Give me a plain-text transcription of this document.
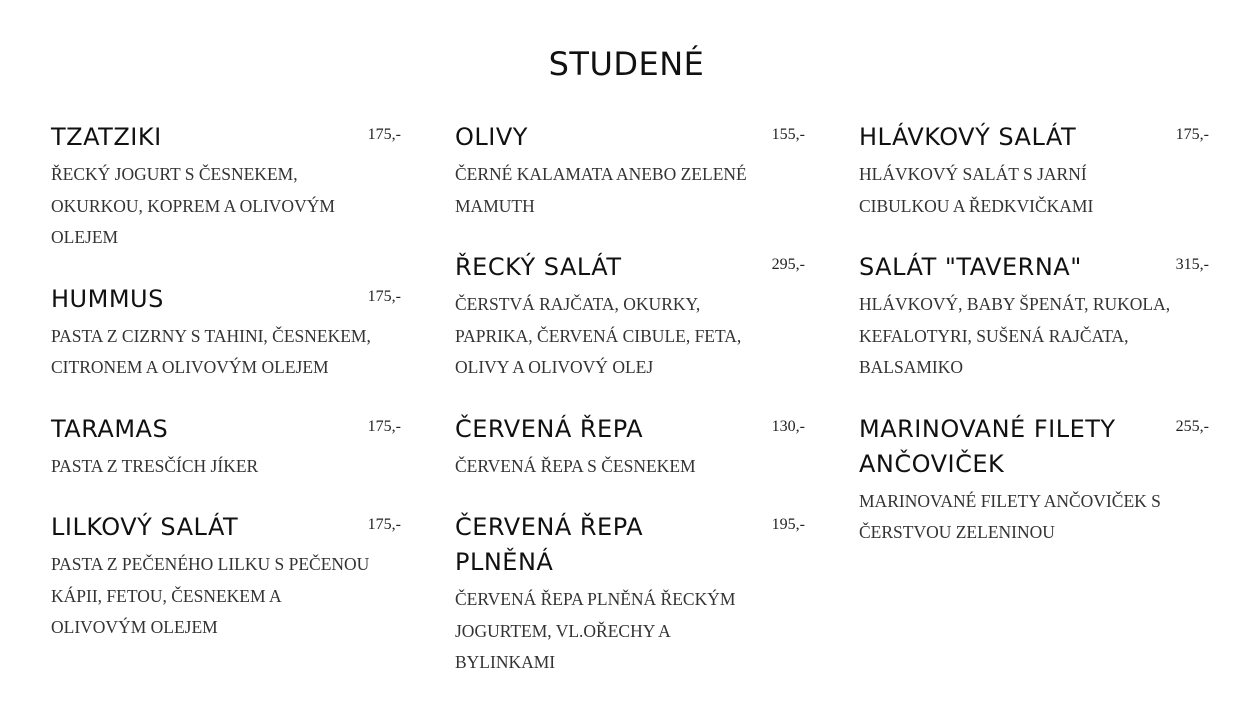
STUDENÉ
TZATZIKI	175,-
ŘECKÝ JOGURT S ČESNEKEM, OKURKOU, KOPREM A OLIVOVÝM OLEJEM
HUMMUS	175,-
PASTA Z CIZRNY S TAHINI, ČESNEKEM, CITRONEM A OLIVOVÝM OLEJEM
TARAMAS	175,-
PASTA Z TRESČÍCH JÍKER
LILKOVÝ SALÁT	175,-
PASTA Z PEČENÉHO LILKU S PEČENOU KÁPII, FETOU, ČESNEKEM A OLIVOVÝM OLEJEM
OLIVY	155,-
ČERNÉ KALAMATA ANEBO ZELENÉ MAMUTH
ŘECKÝ SALÁT	295,-
ČERSTVÁ RAJČATA, OKURKY, PAPRIKA, ČERVENÁ CIBULE, FETA, OLIVY A OLIVOVÝ OLEJ
ČERVENÁ ŘEPA	130,-
ČERVENÁ ŘEPA S ČESNEKEM
ČERVENÁ ŘEPA PLNĚNÁ
195,-
ČERVENÁ ŘEPA PLNĚNÁ ŘECKÝM JOGURTEM, VL.OŘECHY A BYLINKAMI
HLÁVKOVÝ SALÁT	175,-
HLÁVKOVÝ SALÁT S JARNÍ CIBULKOU A ŘEDKVIČKAMI
SALÁT "TAVERNA"	315,-
HLÁVKOVÝ, BABY ŠPENÁT, RUKOLA, KEFALOTYRI, SUŠENÁ RAJČATA, BALSAMIKO
MARINOVANÉ FILETY ANČOVIČEK
255,-
MARINOVANÉ FILETY ANČOVIČEK S ČERSTVOU ZELENINOU
